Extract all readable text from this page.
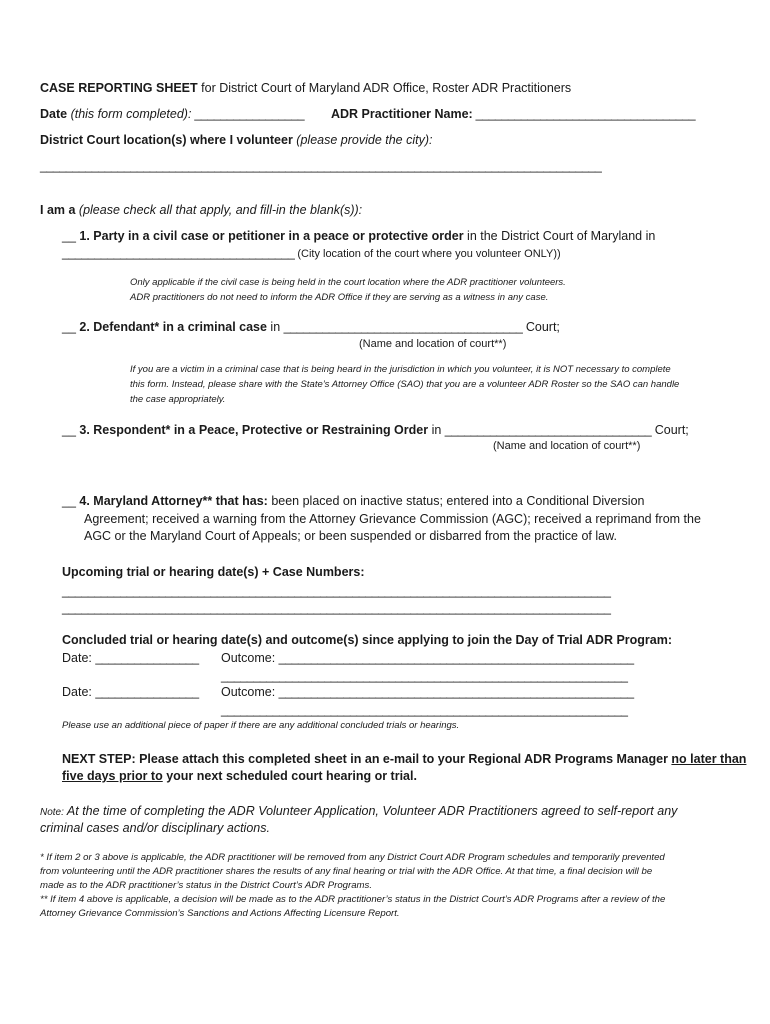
CASE REPORTING SHEET for District Court of Maryland ADR Office, Roster ADR Practitioners
Date (this form completed): _________________ ADR Practitioner Name: __________________________________
District Court location(s) where I volunteer (please provide the city):
_______________________________________________________________________________________
I am a (please check all that apply, and fill-in the blank(s)):
__ 1. Party in a civil case or petitioner in a peace or protective order in the District Court of Maryland in
____________________________________ (City location of the court where you volunteer ONLY))
Only applicable if the civil case is being held in the court location where the ADR practitioner volunteers.
ADR practitioners do not need to inform the ADR Office if they are serving as a witness in any case.
__ 2. Defendant* in a criminal case in _____________________________________ Court;
(Name and location of court**)
If you are a victim in a criminal case that is being heard in the jurisdiction in which you volunteer, it is NOT necessary to complete
this form. Instead, please share with the State’s Attorney Office (SAO) that you are a volunteer ADR Roster so the SAO can handle
the case appropriately.
__ 3. Respondent* in a Peace, Protective or Restraining Order in ________________________________ Court;
(Name and location of court**)
__ 4. Maryland Attorney** that has: been placed on inactive status; entered into a Conditional Diversion
Agreement; received a warning from the Attorney Grievance Commission (AGC); received a reprimand from the
AGC or the Maryland Court of Appeals; or been suspended or disbarred from the practice of law.
Upcoming trial or hearing date(s) + Case Numbers:
_____________________________________________________________________________________
_____________________________________________________________________________________
Concluded trial or hearing date(s) and outcome(s) since applying to join the Day of Trial ADR Program:
Date: ________________ Outcome: _______________________________________________________
_______________________________________________________________
Date: ________________ Outcome: _______________________________________________________
_______________________________________________________________
Please use an additional piece of paper if there are any additional concluded trials or hearings.
NEXT STEP: Please attach this completed sheet in an e-mail to your Regional ADR Programs Manager no later than
five days prior to your next scheduled court hearing or trial.
Note: At the time of completing the ADR Volunteer Application, Volunteer ADR Practitioners agreed to self-report any
criminal cases and/or disciplinary actions.
* If item 2 or 3 above is applicable, the ADR practitioner will be removed from any District Court ADR Program schedules and temporarily prevented
from volunteering until the ADR practitioner shares the results of any final hearing or trial with the ADR Office. At that time, a final decision will be
made as to the ADR practitioner’s status in the District Court’s ADR Programs.
** If item 4 above is applicable, a decision will be made as to the ADR practitioner’s status in the District Court’s ADR Programs after a review of the
Attorney Grievance Commission’s Sanctions and Actions Affecting Licensure Report.
